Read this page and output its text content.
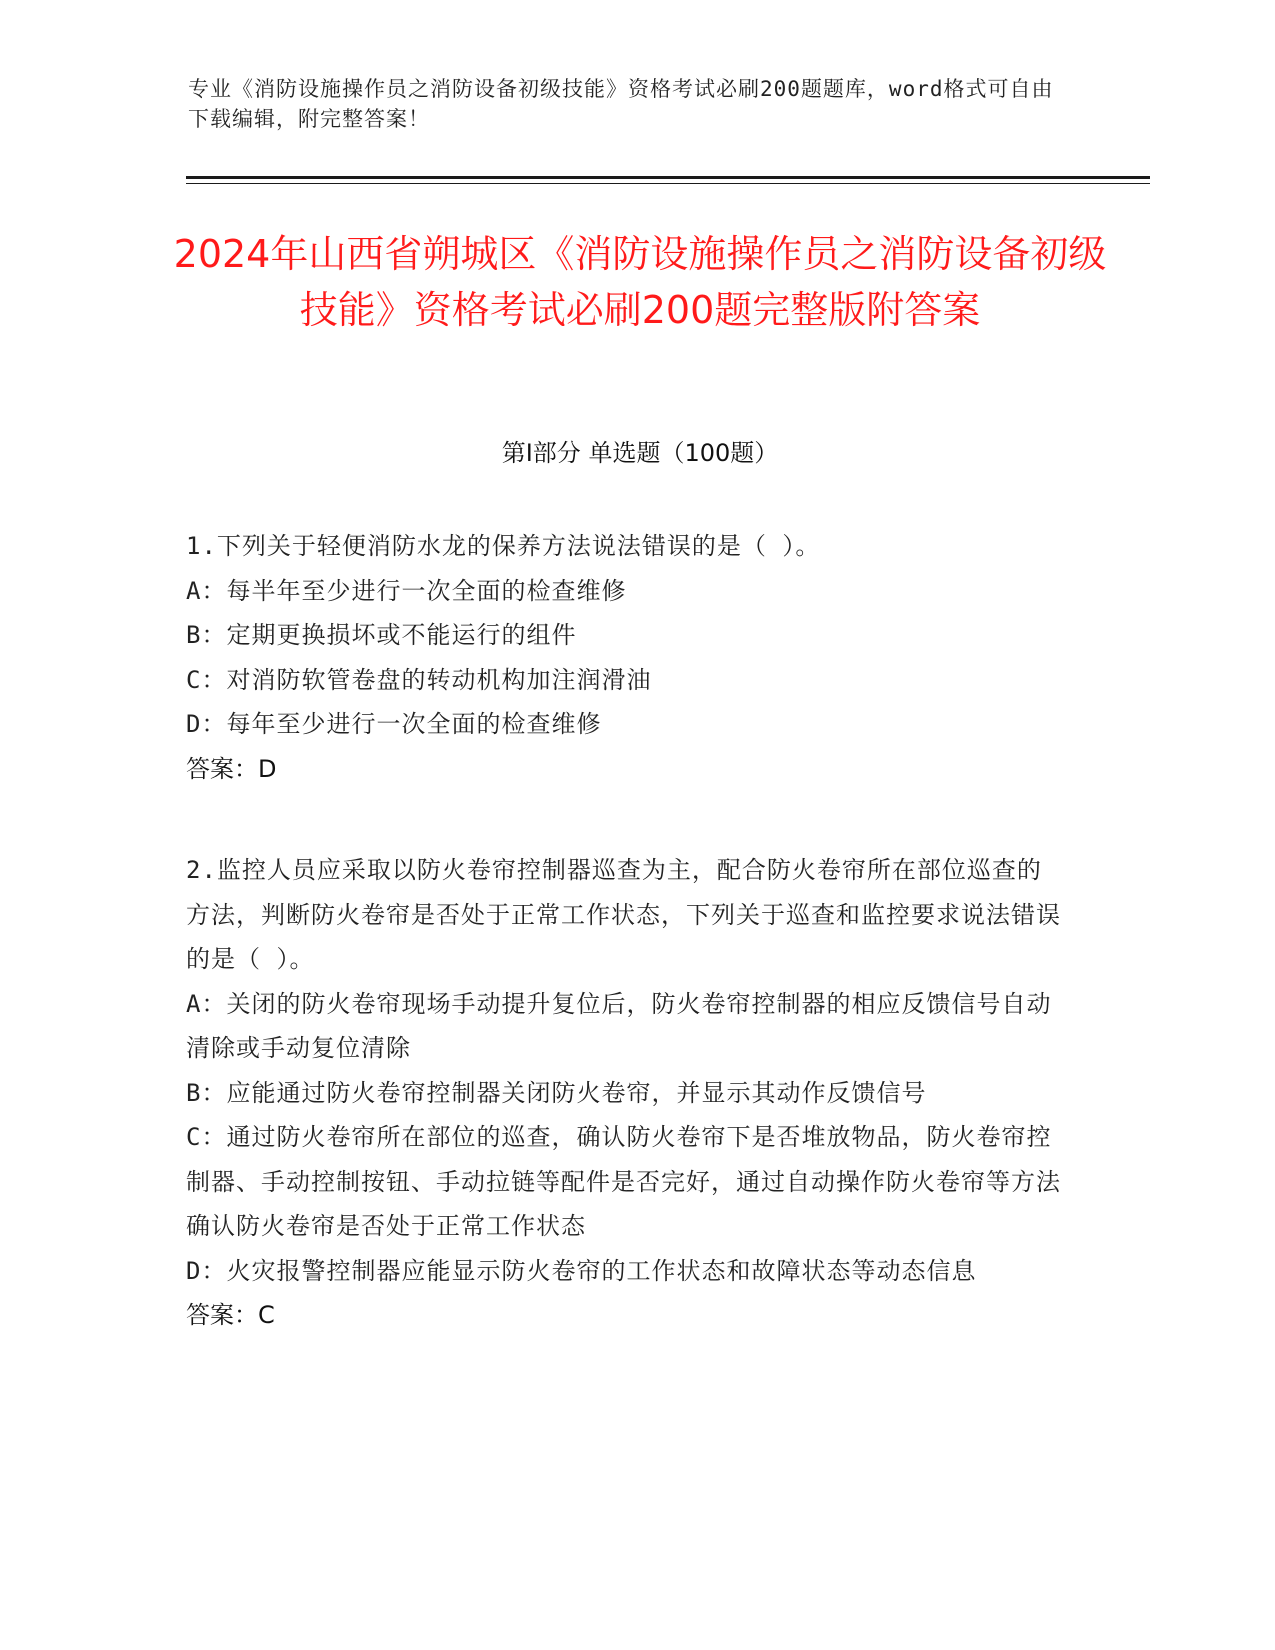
专业《消防设施操作员之消防设备初级技能》资格考试必刷200题题库，word格式可自由下载编辑，附完整答案！
2024年山西省朔城区《消防设施操作员之消防设备初级技能》资格考试必刷200题完整版附答案
第Ⅰ部分 单选题（100题）
1.下列关于轻便消防水龙的保养方法说法错误的是（ ）。
A：每半年至少进行一次全面的检查维修
B：定期更换损坏或不能运行的组件
C：对消防软管卷盘的转动机构加注润滑油
D：每年至少进行一次全面的检查维修
答案：D
2.监控人员应采取以防火卷帘控制器巡查为主，配合防火卷帘所在部位巡查的方法，判断防火卷帘是否处于正常工作状态，下列关于巡查和监控要求说法错误的是（ ）。
A：关闭的防火卷帘现场手动提升复位后，防火卷帘控制器的相应反馈信号自动清除或手动复位清除
B：应能通过防火卷帘控制器关闭防火卷帘，并显示其动作反馈信号
C：通过防火卷帘所在部位的巡查，确认防火卷帘下是否堆放物品，防火卷帘控制器、手动控制按钮、手动拉链等配件是否完好，通过自动操作防火卷帘等方法确认防火卷帘是否处于正常工作状态
D：火灾报警控制器应能显示防火卷帘的工作状态和故障状态等动态信息
答案：C
